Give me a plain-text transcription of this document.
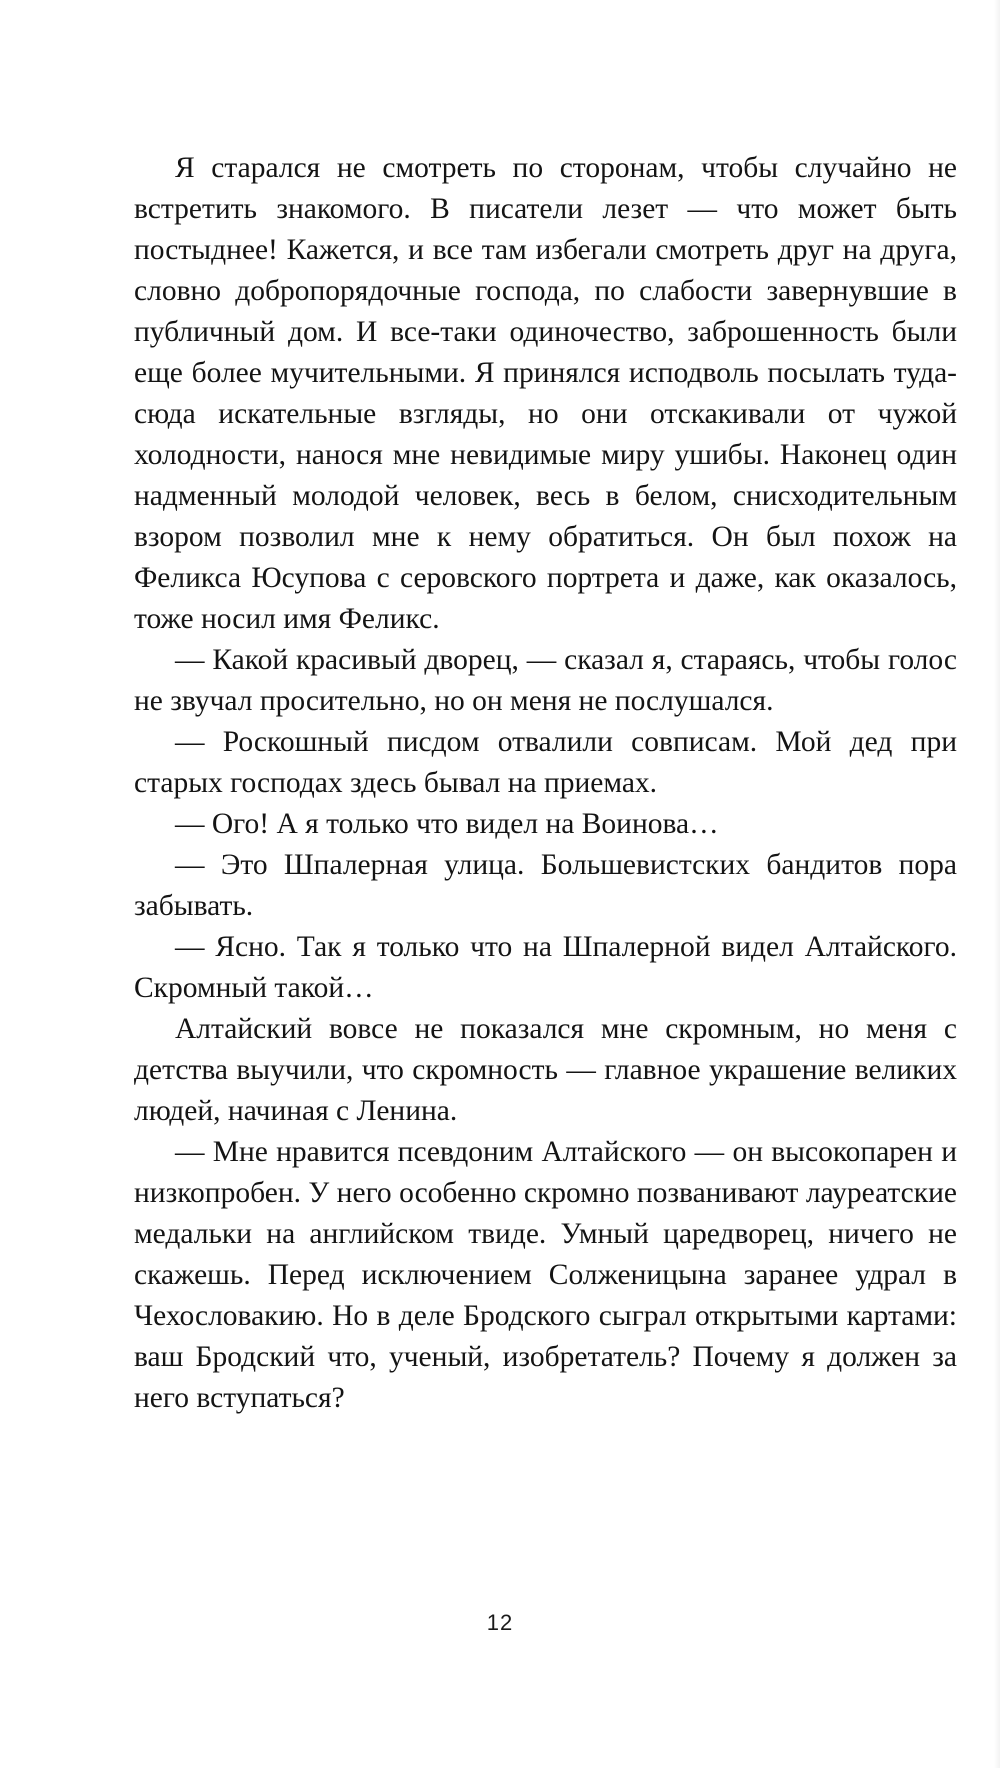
Я старался не смотреть по сторонам, чтобы случайно не встретить знакомого. В писатели лезет — что может быть постыднее! Кажется, и все там избегали смотреть друг на друга, словно добропорядочные господа, по слабости завернувшие в публичный дом. И все-таки одиночество, заброшенность были еще более мучительными. Я принялся исподволь посылать туда-сюда искательные взгляды, но они отскакивали от чужой холодности, нанося мне невидимые миру ушибы. Наконец один надменный молодой человек, весь в белом, снисходительным взором позволил мне к нему обратиться. Он был похож на Феликса Юсупова с серовского портрета и даже, как оказалось, тоже носил имя Феликс.

— Какой красивый дворец, — сказал я, стараясь, чтобы голос не звучал просительно, но он меня не послушался.

— Роскошный писдом отвалили совписам. Мой дед при старых господах здесь бывал на приемах.

— Ого! А я только что видел на Воинова…

— Это Шпалерная улица. Большевистских бандитов пора забывать.

— Ясно. Так я только что на Шпалерной видел Алтайского. Скромный такой…

Алтайский вовсе не показался мне скромным, но меня с детства выучили, что скромность — главное украшение великих людей, начиная с Ленина.

— Мне нравится псевдоним Алтайского — он высокопарен и низкопробен. У него особенно скромно позванивают лауреатские медальки на английском твиде. Умный царедворец, ничего не скажешь. Перед исключением Солженицына заранее удрал в Чехословакию. Но в деле Бродского сыграл открытыми картами: ваш Бродский что, ученый, изобретатель? Почему я должен за него вступаться?

12
